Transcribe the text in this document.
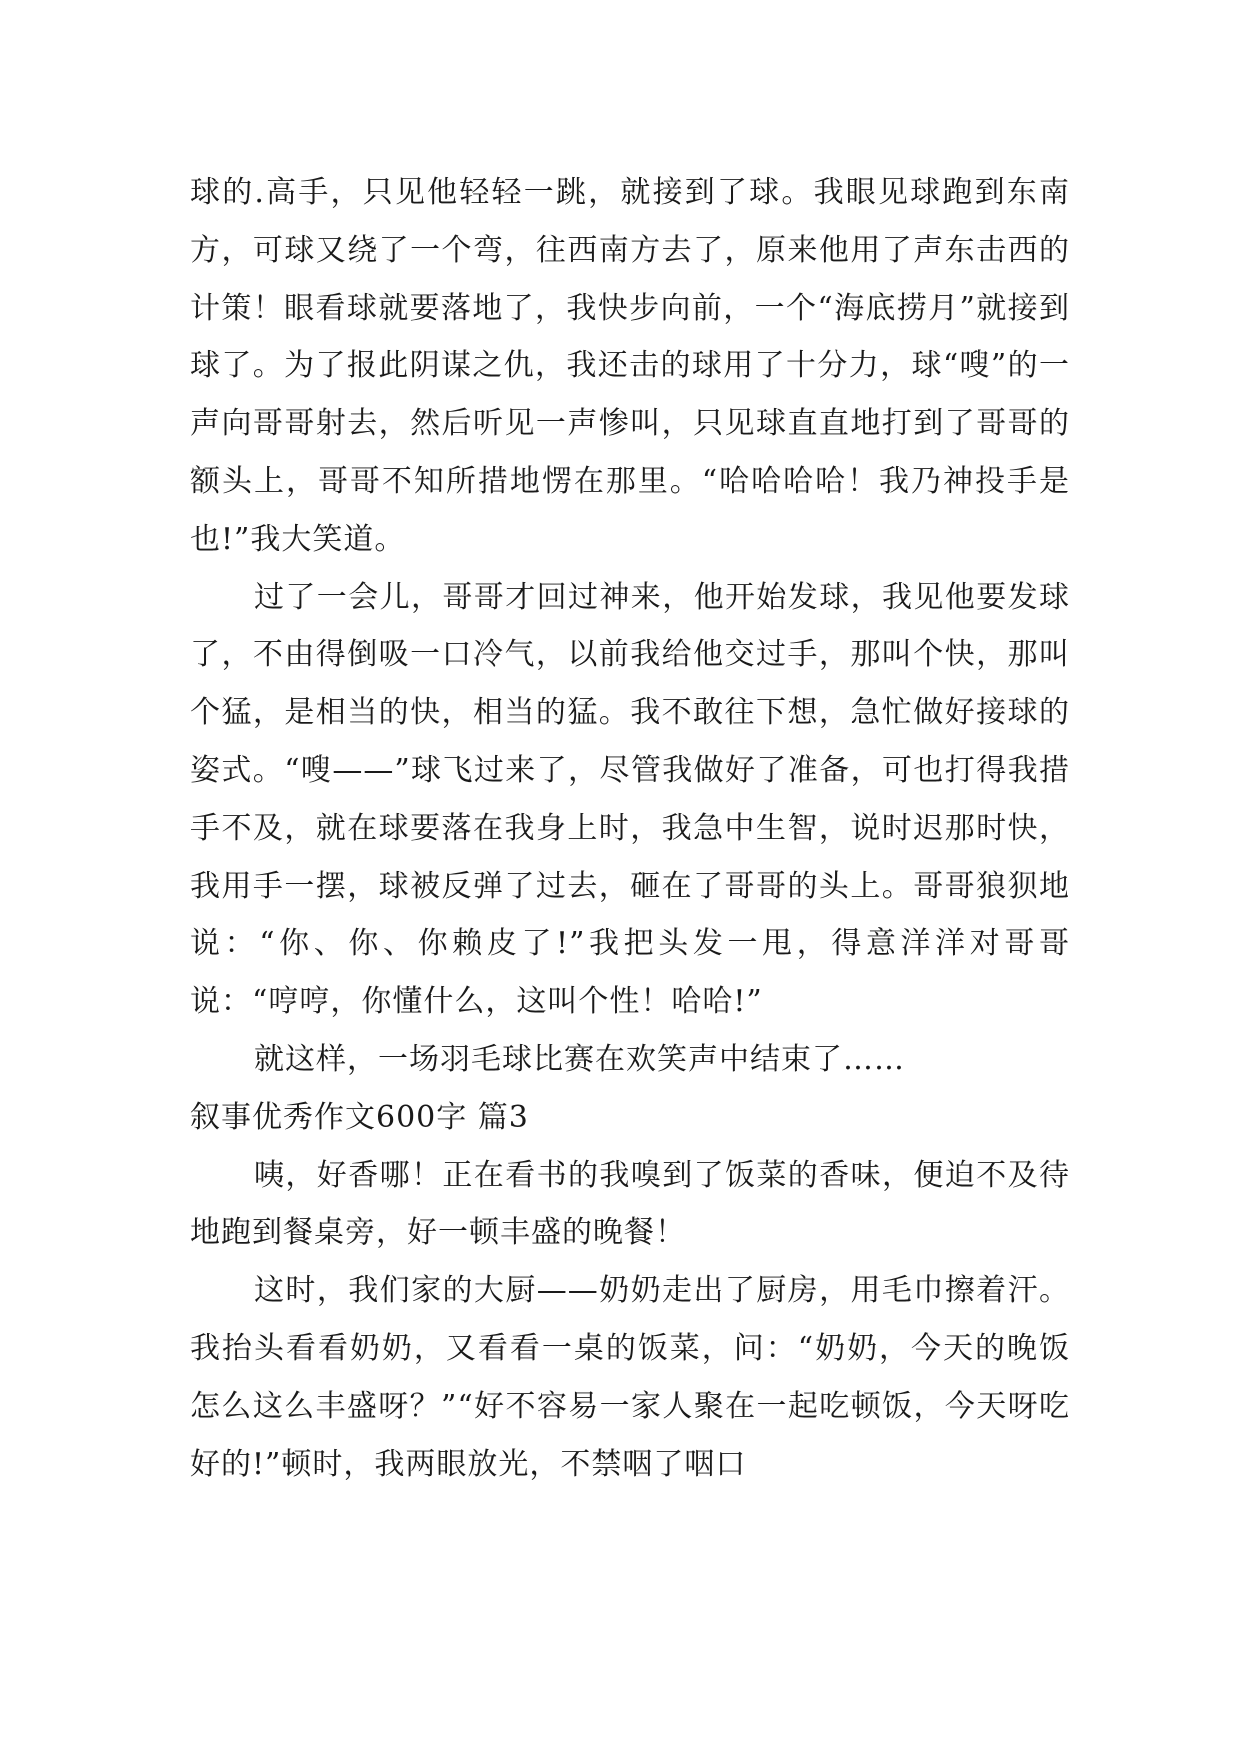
球的.高手，只见他轻轻一跳，就接到了球。我眼见球跑到东南方，可球又绕了一个弯，往西南方去了，原来他用了声东击西的计策！眼看球就要落地了，我快步向前，一个“海底捞月”就接到球了。为了报此阴谋之仇，我还击的球用了十分力，球“嗖”的一声向哥哥射去，然后听见一声惨叫，只见球直直地打到了哥哥的额头上，哥哥不知所措地愣在那里。“哈哈哈哈！我乃神投手是也!”我大笑道。

过了一会儿，哥哥才回过神来，他开始发球，我见他要发球了，不由得倒吸一口冷气，以前我给他交过手，那叫个快，那叫个猛，是相当的快，相当的猛。我不敢往下想，急忙做好接球的姿式。“嗖——”球飞过来了，尽管我做好了准备，可也打得我措手不及，就在球要落在我身上时，我急中生智，说时迟那时快，我用手一摆，球被反弹了过去，砸在了哥哥的头上。哥哥狼狈地说：“你、你、你赖皮了!”我把头发一甩，得意洋洋对哥哥说：“哼哼，你懂什么，这叫个性！哈哈!”

就这样，一场羽毛球比赛在欢笑声中结束了……

叙事优秀作文600字 篇3

咦，好香哪！正在看书的我嗅到了饭菜的香味，便迫不及待地跑到餐桌旁，好一顿丰盛的晚餐！

这时，我们家的大厨——奶奶走出了厨房，用毛巾擦着汗。我抬头看看奶奶，又看看一桌的饭菜，问：“奶奶，今天的晚饭怎么这么丰盛呀？”“好不容易一家人聚在一起吃顿饭，今天呀吃好的!”顿时，我两眼放光，不禁咽了咽口
